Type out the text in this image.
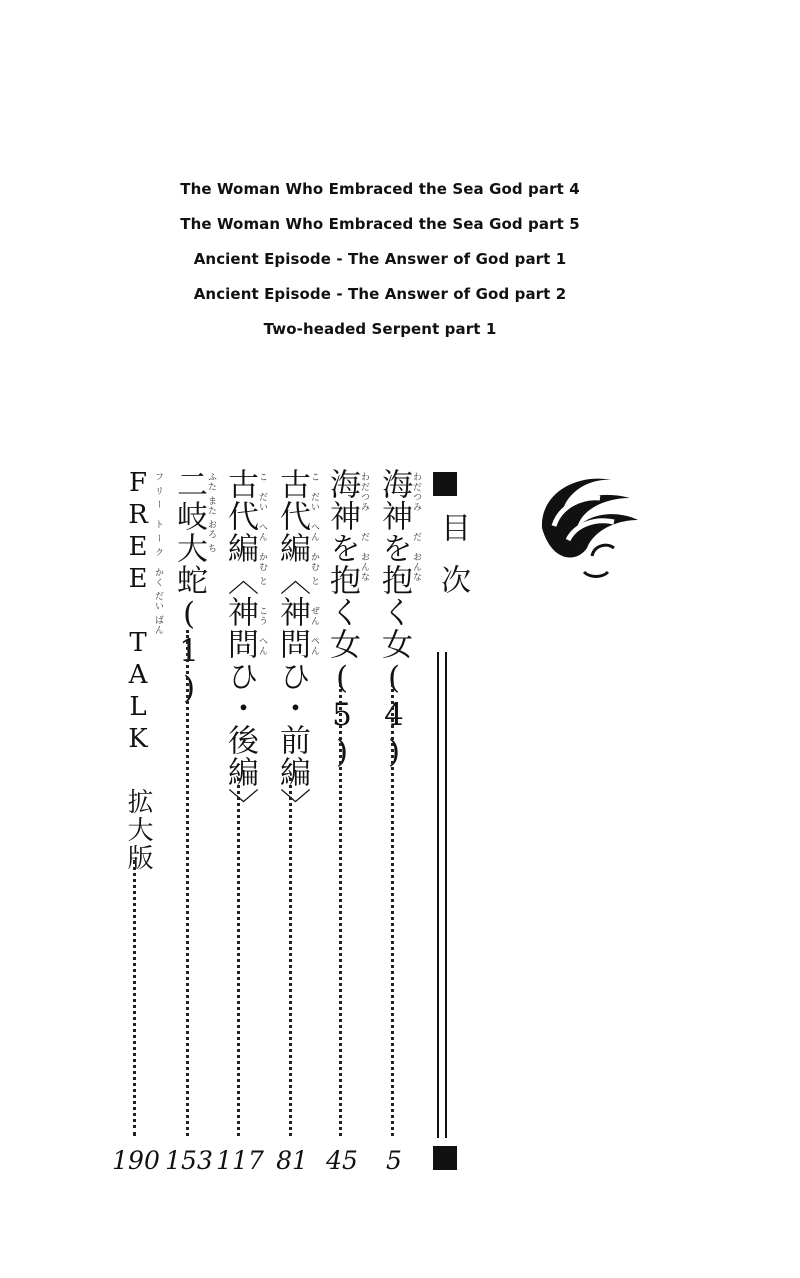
The Woman Who Embraced the Sea God part 4
The Woman Who Embraced the Sea God part 5
Ancient Episode - The Answer of God part 1
Ancient Episode - The Answer of God part 2
Two-headed Serpent part 1
目次
海神を抱く女(4) わだつみ　　だ　おんな
5
海神を抱く女(5) わだつみ　　だ　おんな
45
古代編〈神問ひ・前編〉 こ　だい　へん　かむ と　　ぜん　ぺん
81
古代編〈神問ひ・後編〉 こ　だい　へん　かむ と　　こう　へん
117
二岐大蛇(1) ふた また おろ ち
153
FREE TALK 拡大版 フ リ ー　ト ー ク　かく だい ばん
190
